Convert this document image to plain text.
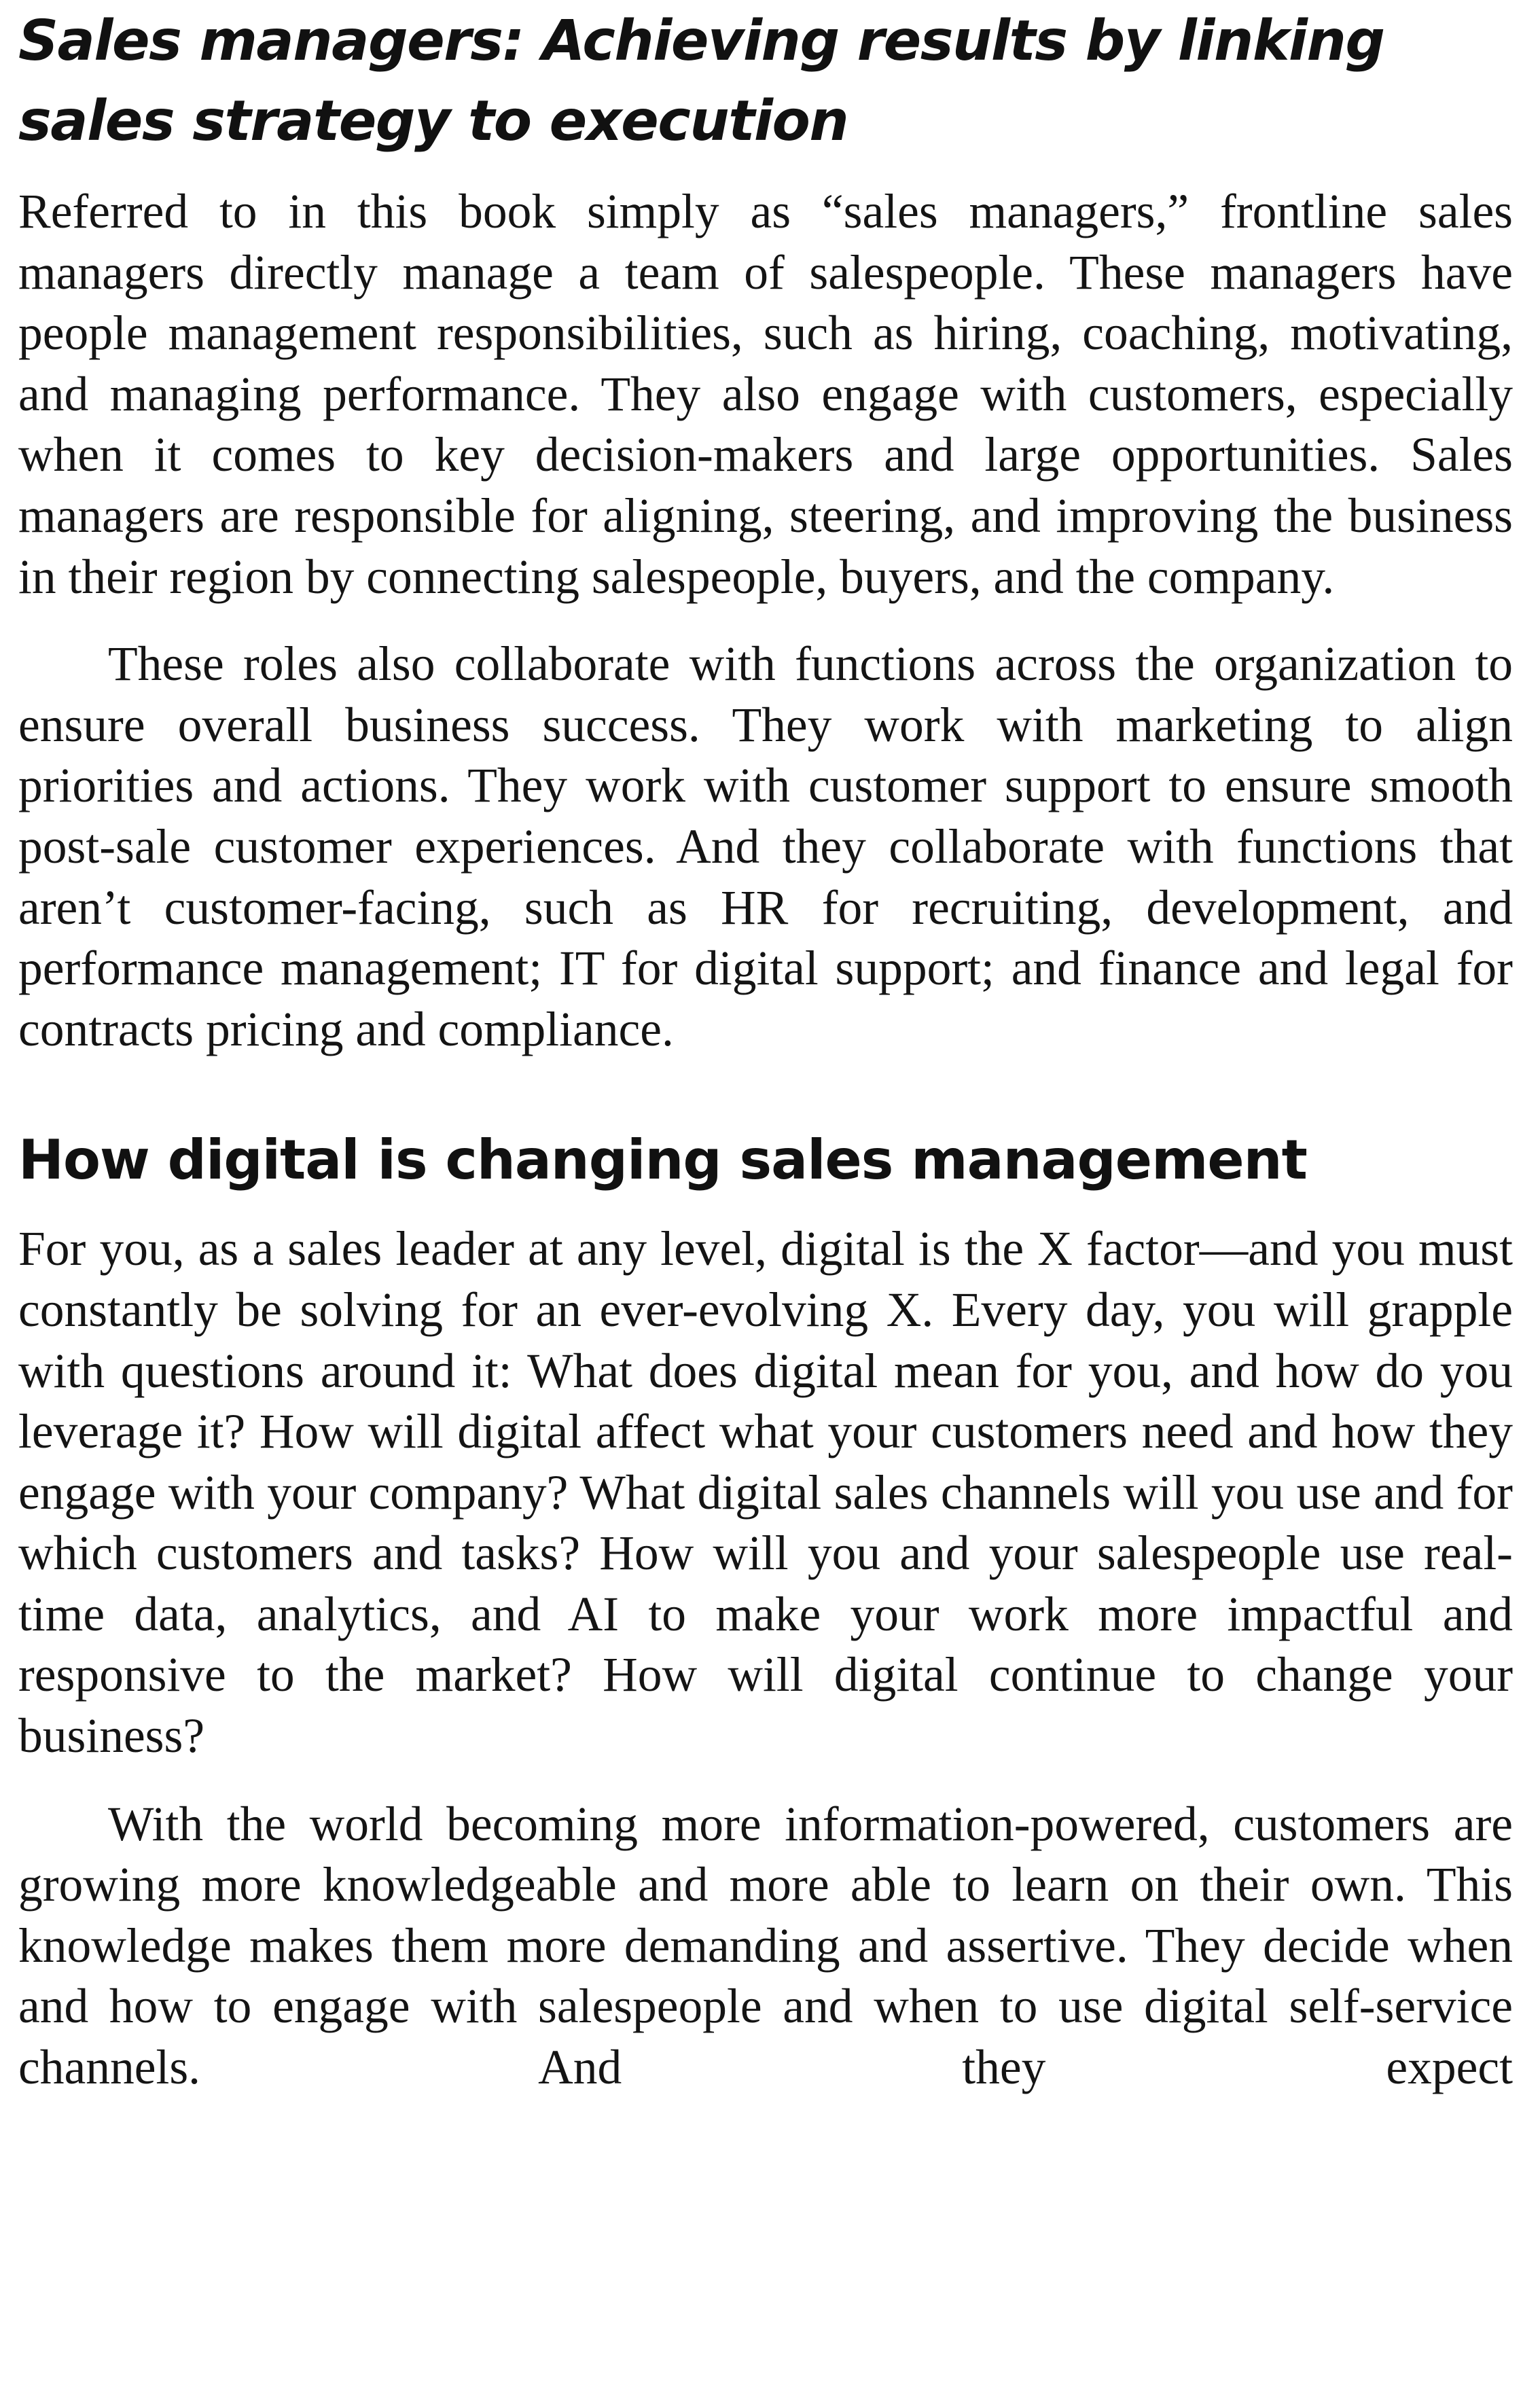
Sales managers: Achieving results by linking sales strategy to execution

Referred to in this book simply as “sales managers,” frontline sales managers directly manage a team of salespeople. These managers have people management responsibilities, such as hiring, coaching, motivating, and managing performance. They also engage with customers, especially when it comes to key decision-makers and large opportunities. Sales managers are responsible for aligning, steering, and improving the business in their region by connecting salespeople, buyers, and the company.

These roles also collaborate with functions across the organization to ensure overall business success. They work with marketing to align priorities and actions. They work with customer support to ensure smooth post-sale customer experiences. And they collaborate with functions that aren’t customer-facing, such as HR for recruiting, development, and performance management; IT for digital support; and finance and legal for contracts pricing and compliance.

How digital is changing sales management

For you, as a sales leader at any level, digital is the X factor—and you must constantly be solving for an ever-evolving X. Every day, you will grapple with questions around it: What does digital mean for you, and how do you leverage it? How will digital affect what your customers need and how they engage with your company? What digital sales channels will you use and for which customers and tasks? How will you and your salespeople use real-time data, analytics, and AI to make your work more impactful and responsive to the market? How will digital continue to change your business?

With the world becoming more information-powered, customers are growing more knowledgeable and more able to learn on their own. This knowledge makes them more demanding and assertive. They decide when and how to engage with salespeople and when to use digital self-service channels. And they expect
